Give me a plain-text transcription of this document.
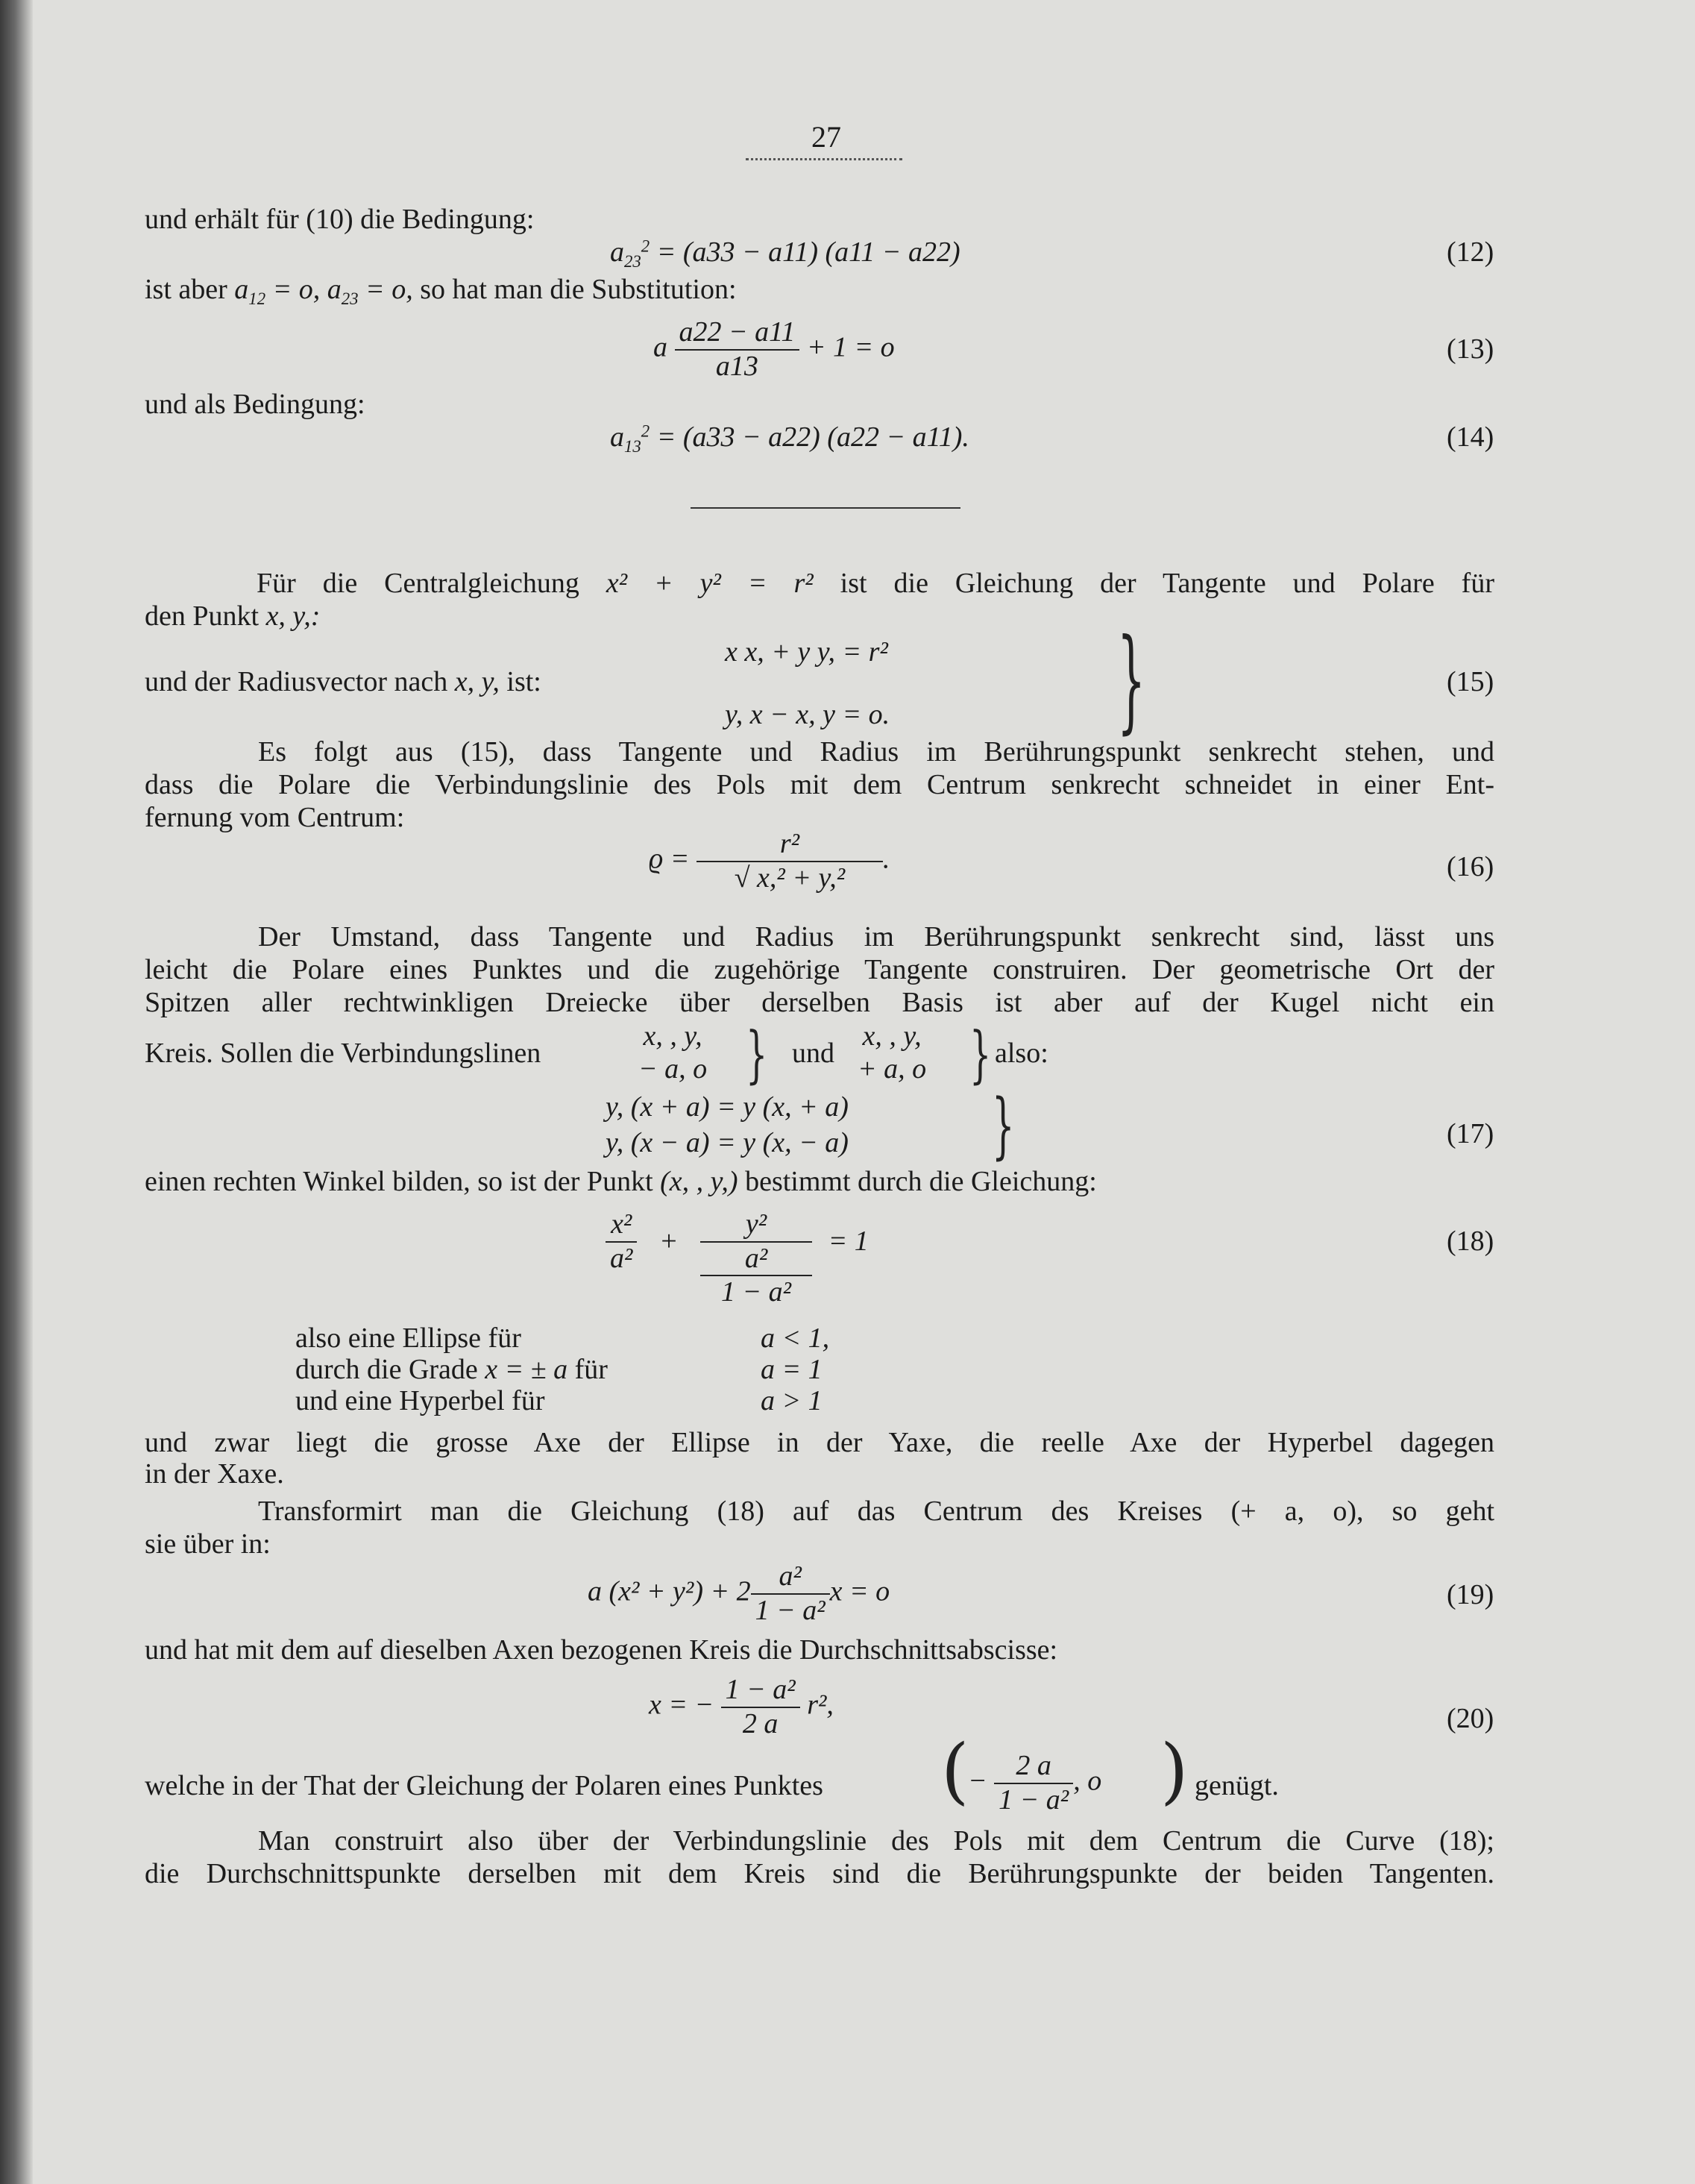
27
und erhält für (10) die Bedingung:
$a_{23}^2 = (a33 - a11) (a11 - a22)$	(12)
ist aber $a_{12} = o$, $a_{23} = o$, so hat man die Substitution:
a $\frac{a22 - a11}{a13} + 1 = o$	(13)
und als Bedingung:
$a_{13}^2 = (a33 - a22) (a22 - a11)$.	(14)
Für die Centralgleichung x² + y² = r² ist die Gleichung der Tangente und Polare für
den Punkt x, y,:
x x, + y y, = r²
und der Radiusvector nach x, y, ist:
y, x − x, y = o.	}	(15)
Es folgt aus (15), dass Tangente und Radius im Berührungspunkt senkrecht stehen, und
dass die Polare die Verbindungslinie des Pols mit dem Centrum senkrecht schneidet in einer Ent-
fernung vom Centrum:
$ϱ = \frac{\text{r²}}{\text{√ x,² + y,²}}$ .	(16)
Der Umstand, dass Tangente und Radius im Berührungspunkt senkrecht sind, lässt uns
leicht die Polare eines Punktes und die zugehörige Tangente construiren. Der geometrische Ort der
Spitzen aller rechtwinkligen Dreiecke über derselben Basis ist aber auf der Kugel nicht ein
Kreis. Sollen die Verbindungslinen
x, , y,
− a, o } und
x, , y,
+ a, o } also:
y, (x + a) = y (x, + a)
y, (x − a) = y (x, − a)	}	(17)
einen rechten Winkel bilden, so ist der Punkt (x, , y,) bestimmt durch die Gleichung:
$\frac{\text{x²}}{\text{a²}} + y^2$
a²
1 − a² = 1	(18)
also eine Ellipse für	a < 1,
durch die Grade x = ± a für	a = 1
und eine Hyperbel für	a > 1
und zwar liegt die grosse Axe der Ellipse in der Yaxe, die reelle Axe der Hyperbel dagegen
in der Xaxe.
Transformirt man die Gleichung (18) auf das Centrum des Kreises (+ a, o), so geht
sie über in:
a $(x^2 + y^2) + 2 \frac{\text{a²}}{\text{1 − a²}}$ x = o	(19)
und hat mit dem auf dieselben Axen bezogenen Kreis die Durchschnittsabscisse:
x = − $\frac{\text{1 − a²}}{2 a} r^2$,	(20)
welche in der That der Gleichung der Polaren eines Punktes (
− $\frac{2 a}{\text{1 − a²}}$ , o ) genügt.
Man construirt also über der Verbindungslinie des Pols mit dem Centrum die Curve (18);
die Durchschnittspunkte derselben mit dem Kreis sind die Berührungspunkte der beiden Tangenten.
